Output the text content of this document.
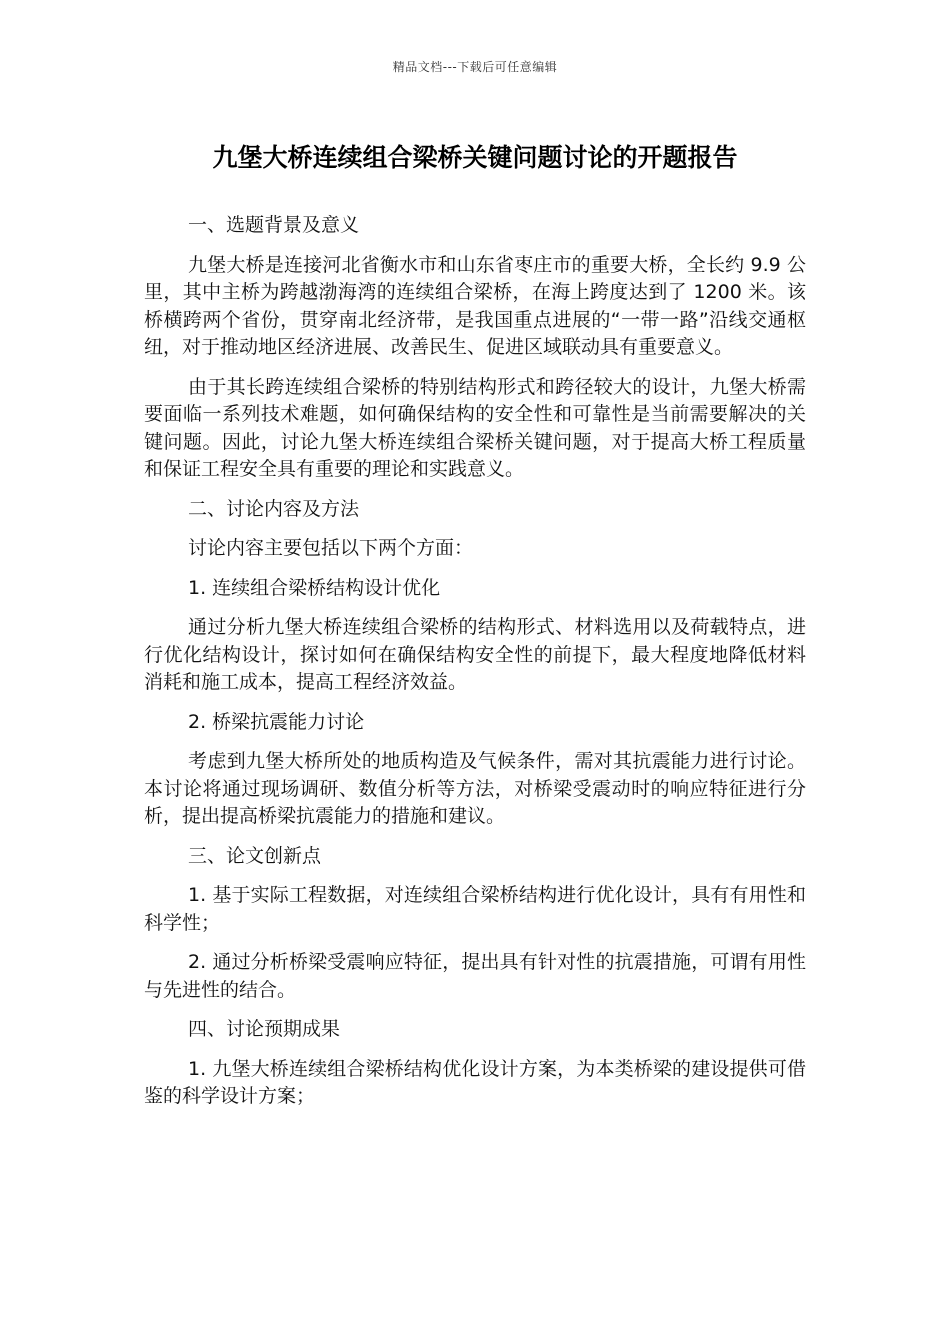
精品文档---下载后可任意编辑
九堡大桥连续组合梁桥关键问题讨论的开题报告

一、选题背景及意义

九堡大桥是连接河北省衡水市和山东省枣庄市的重要大桥，全长约 9.9 公里，其中主桥为跨越渤海湾的连续组合梁桥，在海上跨度达到了 1200 米。该桥横跨两个省份，贯穿南北经济带，是我国重点进展的“一带一路”沿线交通枢纽，对于推动地区经济进展、改善民生、促进区域联动具有重要意义。

由于其长跨连续组合梁桥的特别结构形式和跨径较大的设计，九堡大桥需要面临一系列技术难题，如何确保结构的安全性和可靠性是当前需要解决的关键问题。因此，讨论九堡大桥连续组合梁桥关键问题，对于提高大桥工程质量和保证工程安全具有重要的理论和实践意义。

二、讨论内容及方法

讨论内容主要包括以下两个方面：

1. 连续组合梁桥结构设计优化

通过分析九堡大桥连续组合梁桥的结构形式、材料选用以及荷载特点，进行优化结构设计，探讨如何在确保结构安全性的前提下，最大程度地降低材料消耗和施工成本，提高工程经济效益。

2. 桥梁抗震能力讨论

考虑到九堡大桥所处的地质构造及气候条件，需对其抗震能力进行讨论。本讨论将通过现场调研、数值分析等方法，对桥梁受震动时的响应特征进行分析，提出提高桥梁抗震能力的措施和建议。

三、论文创新点

1. 基于实际工程数据，对连续组合梁桥结构进行优化设计，具有有用性和科学性；

2. 通过分析桥梁受震响应特征，提出具有针对性的抗震措施，可谓有用性与先进性的结合。

四、讨论预期成果

1. 九堡大桥连续组合梁桥结构优化设计方案，为本类桥梁的建设提供可借鉴的科学设计方案；
